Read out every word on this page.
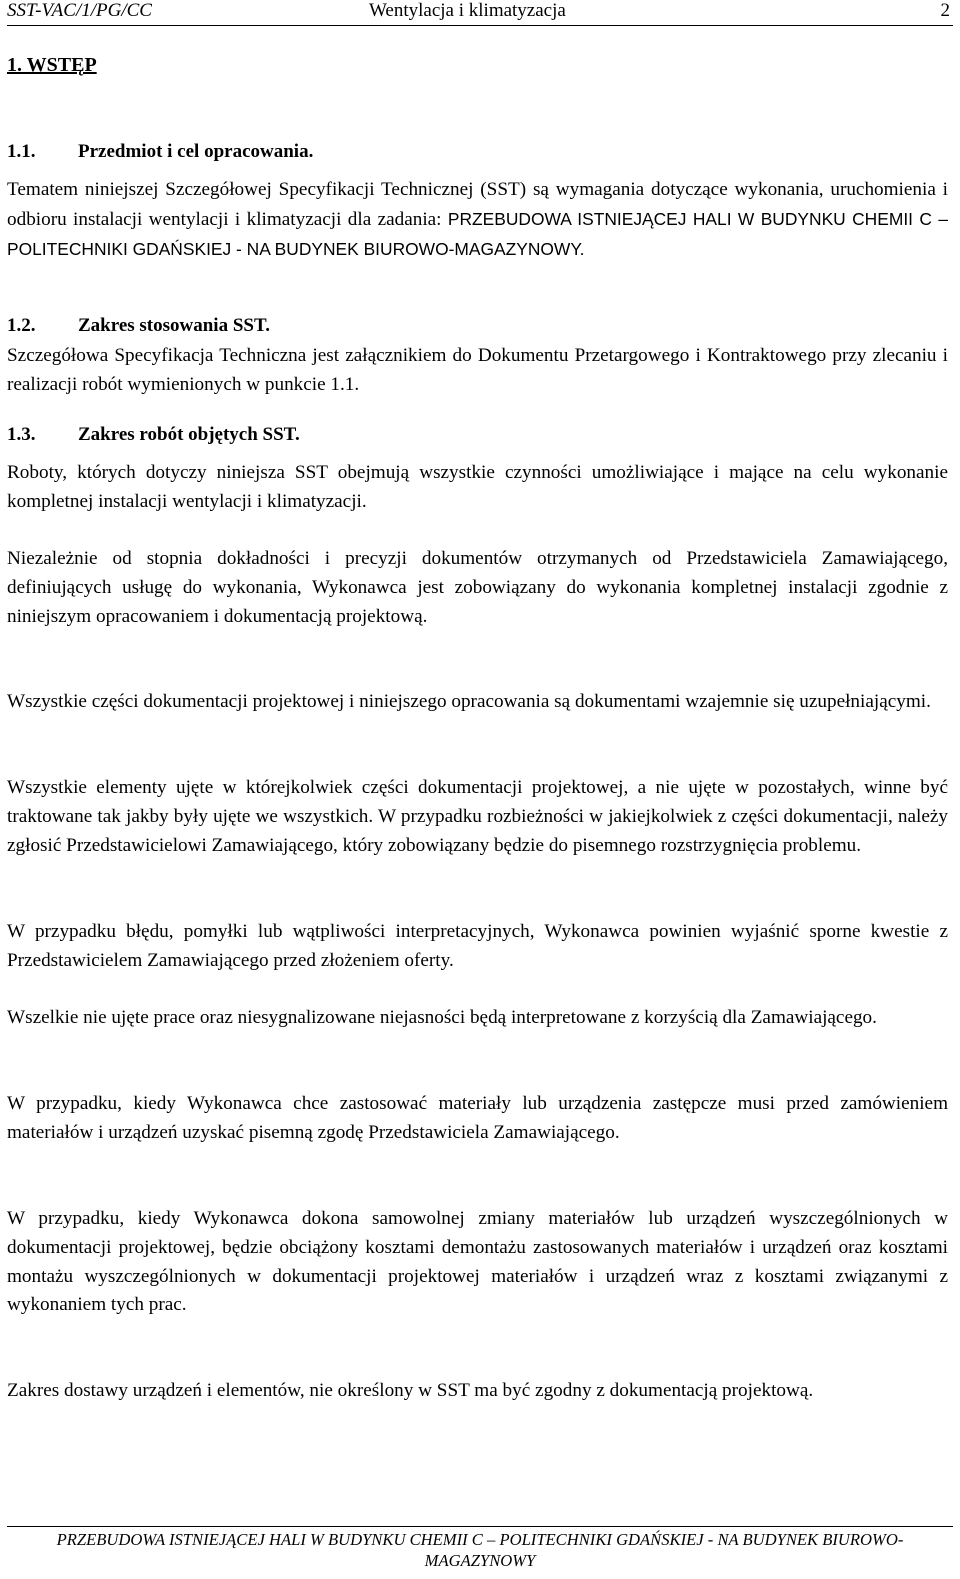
SST-VAC/1/PG/CC	Wentylacja i klimatyzacja	2
1. WSTĘP
1.1. Przedmiot i cel opracowania.
Tematem niniejszej Szczegółowej Specyfikacji Technicznej (SST) są wymagania dotyczące wykonania, uruchomienia i odbioru instalacji wentylacji i klimatyzacji dla zadania: PRZEBUDOWA ISTNIEJĄCEJ HALI W BUDYNKU CHEMII C – POLITECHNIKI GDAŃSKIEJ - NA BUDYNEK BIUROWO-MAGAZYNOWY.
1.2. Zakres stosowania SST.
Szczegółowa Specyfikacja Techniczna jest załącznikiem do Dokumentu Przetargowego i Kontraktowego przy zlecaniu i realizacji robót wymienionych w punkcie 1.1.
1.3. Zakres robót objętych SST.
Roboty, których dotyczy niniejsza SST obejmują wszystkie czynności umożliwiające i mające na celu wykonanie kompletnej instalacji wentylacji i klimatyzacji.
Niezależnie od stopnia dokładności i precyzji dokumentów otrzymanych od Przedstawiciela Zamawiającego, definiujących usługę do wykonania, Wykonawca jest zobowiązany do wykonania kompletnej instalacji zgodnie z niniejszym opracowaniem i dokumentacją projektową.
Wszystkie części dokumentacji projektowej i niniejszego opracowania są dokumentami wzajemnie się uzupełniającymi.
Wszystkie elementy ujęte w którejkolwiek części dokumentacji projektowej, a nie ujęte w pozostałych, winne być traktowane tak jakby były ujęte we wszystkich. W przypadku rozbieżności w jakiejkolwiek z części dokumentacji, należy zgłosić Przedstawicielowi Zamawiającego, który zobowiązany będzie do pisemnego rozstrzygnięcia problemu.
W przypadku błędu, pomyłki lub wątpliwości interpretacyjnych, Wykonawca powinien wyjaśnić sporne kwestie z Przedstawicielem Zamawiającego przed złożeniem oferty.
Wszelkie nie ujęte prace oraz niesygnalizowane niejasności będą interpretowane z korzyścią dla Zamawiającego.
W przypadku, kiedy Wykonawca chce zastosować materiały lub urządzenia zastępcze musi przed zamówieniem materiałów i urządzeń uzyskać pisemną zgodę Przedstawiciela Zamawiającego.
W przypadku, kiedy Wykonawca dokona samowolnej zmiany materiałów lub urządzeń wyszczególnionych w dokumentacji projektowej, będzie obciążony kosztami demontażu zastosowanych materiałów i urządzeń oraz kosztami montażu wyszczególnionych w dokumentacji projektowej materiałów i urządzeń wraz z kosztami związanymi z wykonaniem tych prac.
Zakres dostawy urządzeń i elementów, nie określony w SST ma być zgodny z dokumentacją projektową.
PRZEBUDOWA ISTNIEJĄCEJ HALI W BUDYNKU CHEMII C – POLITECHNIKI GDAŃSKIEJ - NA BUDYNEK BIUROWO-MAGAZYNOWY
